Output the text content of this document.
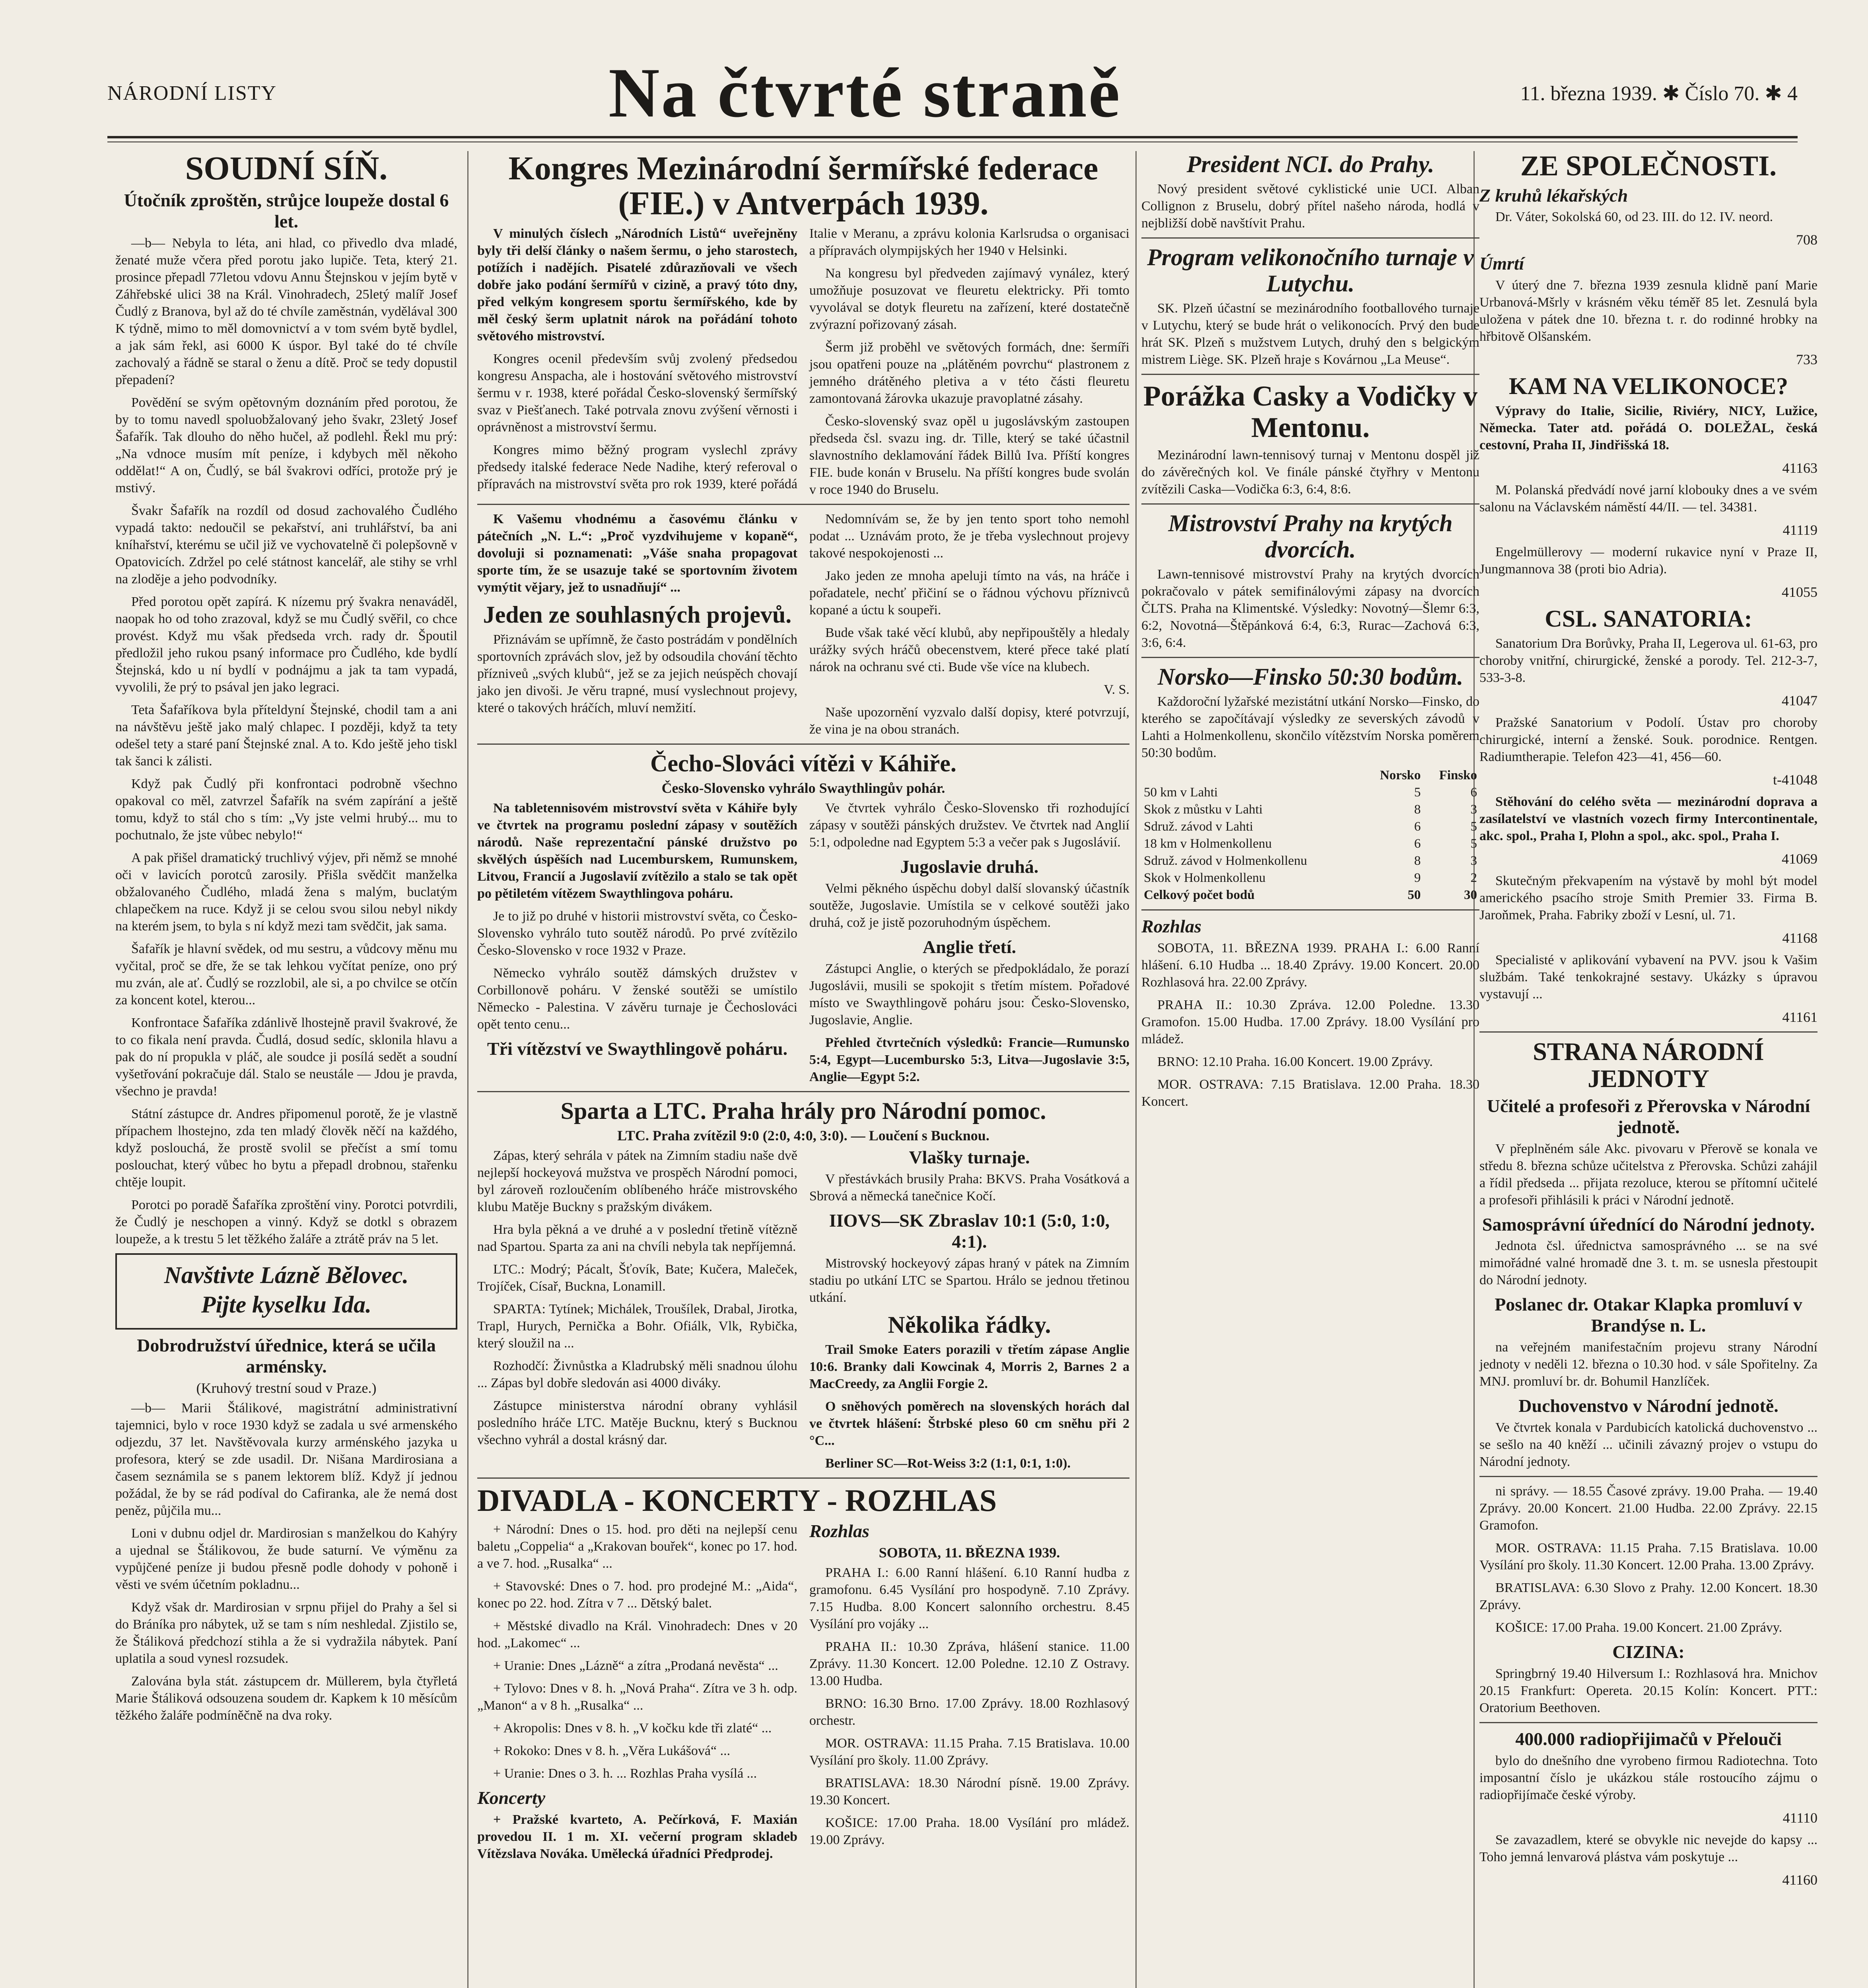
NÁRODNÍ LISTY	Na čtvrté straně	11. března 1939. ✱ Číslo 70. ✱ 4
SOUDNÍ SÍŇ.
Útočník zproštěn, strůjce loupeže dostal 6 let.

—b— Nebyla to léta, ani hlad, co přivedlo dva mladé, ženaté muže včera před porotu jako lupiče. Teta, který 21. prosince přepadl 77letou vdovu Annu Štejnskou v jejím bytě v Záhřebské ulici 38 na Král. Vinohradech, 25letý malíř Josef Čudlý z Branova, byl až do té chvíle zaměstnán, vydělával 300 K týdně, mimo to měl domovnictví a v tom svém bytě bydlel, a jak sám řekl, asi 6000 K úspor. Byl také do té chvíle zachovalý a řádně se staral o ženu a dítě. Proč se tedy dopustil přepadení?

Povědění se svým opětovným doznáním před porotou, že by to tomu navedl spoluobžalovaný jeho švakr, 23letý Josef Šafařík. Tak dlouho do něho hučel, až podlehl. Řekl mu prý: „Na vdnoce musím mít peníze, i kdybych měl někoho oddělat!“ A on, Čudlý, se bál švakrovi odříci, protože prý je mstivý.

Švakr Šafařík na rozdíl od dosud zachovalého Čudlého vypadá takto: nedoučil se pekařství, ani truhlářství, ba ani kníhařství, kterému se učil již ve vychovatelně či polepšovně v Opatovicích. Zdržel po celé státnost kancelář, ale stihy se vrhl na zloděje a jeho podvodníky.

Před porotou opět zapírá. K nízemu prý švakra nenaváděl, naopak ho od toho zrazoval, když se mu Čudlý svěřil, co chce provést. Když mu však předseda vrch. rady dr. Špoutil předložil jeho rukou psaný informace pro Čudlého, kde bydlí Štejnská, kdo u ní bydlí v podnájmu a jak ta tam vypadá, vyvolili, že prý to psával jen jako legraci.

Teta Šafaříkova byla příteldyní Štejnské, chodil tam a ani na návštěvu ještě jako malý chlapec. I později, když ta tety odešel tety a staré paní Štejnské znal. A to. Kdo ještě jeho tiskl tak šanci k zálisti.

Když pak Čudlý při konfrontaci podrobně všechno opakoval co měl, zatvrzel Šafařík na svém zapírání a ještě tomu, když to stál cho s tím: „Vy jste velmi hrubý... mu to pochutnalo, že jste vůbec nebylo!“

A pak přišel dramatický truchlivý výjev, při němž se mnohé oči v lavicích porotců zarosily. Přišla svědčit manželka obžalovaného Čudlého, mladá žena s malým, buclatým chlapečkem na ruce. Když ji se celou svou silou nebyl nikdy na kterém jsem, to byla s ní když mezi tam svědčit, jak sama.

Šafařík je hlavní svědek, od mu sestru, a vůdcovy měnu mu vyčital, proč se dře, že se tak lehkou vyčítat peníze, ono prý mu zván, ale ať. Čudlý se rozzlobil, ale si, a po chvilce se otčín za koncent kotel, kterou...

Konfrontace Šafaříka zdánlivě lhostejně pravil švakrové, že to co fikala není pravda. Čudlá, dosud sedíc, sklonila hlavu a pak do ní propukla v pláč, ale soudce ji posílá sedět a soudní vyšetřování pokračuje dál. Stalo se neustále — Jdou je pravda, všechno je pravda!

Státní zástupce dr. Andres připomenul porotě, že je vlastně přípachem lhostejno, zda ten mladý člověk něčí na každého, když poslouchá, že prostě svolil se přečíst a smí tomu poslouchat, který vůbec ho bytu a přepadl drobnou, stařenku chtěje loupit.

Porotci po poradě Šafaříka zproštění viny. Porotci potvrdili, že Čudlý je neschopen a vinný. Když se dotkl s obrazem loupeže, a k trestu 5 let těžkého žaláře a ztrátě práv na 5 let.

Navštivte Lázně Bělovec.
Pijte kyselku Ida.
Dobrodružství úřednice, která se učila arménsky.
(Kruhový trestní soud v Praze.)

—b— Marii Štálikové, magistrátní administrativní tajemnici, bylo v roce 1930 když se zadala u své armenského odjezdu, 37 let. Navštěvovala kurzy arménského jazyka u profesora, který se zde usadil. Dr. Nišana Mardirosiana a časem seznámila se s panem lektorem blíž. Když jí jednou požádal, že by se rád podíval do Cafiranka, ale že nemá dost peněz, půjčila mu...

Loni v dubnu odjel dr. Mardirosian s manželkou do Kahýry a ujednal se Štálikovou, že bude saturní. Ve výměnu za vypůjčené peníze ji budou přesně podle dohody v pohoně i věsti ve svém účetním pokladnu...

Když však dr. Mardirosian v srpnu přijel do Prahy a šel si do Bráníka pro nábytek, už se tam s ním neshledal. Zjistilo se, že Štáliková předchozí stihla a že si vydražila nábytek. Paní uplatila a soud vynesl rozsudek.

Zalována byla stát. zástupcem dr. Müllerem, byla čtyřletá Marie Štáliková odsouzena soudem dr. Kapkem k 10 měsícům těžkého žaláře podmíněčně na dva roky.

Kongres Mezinárodní šermířské federace (FIE.) v Antverpách 1939.

V minulých číslech „Národních Listů“ uveřejněny byly tři delší články o našem šermu, o jeho starostech, potížích i nadějích. Pisatelé zdůrazňovali ve všech dobře jako podání šermířů v cizině, a pravý tóto dny, před velkým kongresem sportu šermířského, kde by měl český šerm uplatnit nárok na pořádání tohoto světového mistrovství.

Kongres ocenil především svůj zvolený předsedou kongresu Anspacha, ale i hostování světového mistrovství šermu v r. 1938, které pořádal Česko-slovenský šermířský svaz v Piešťanech. Také potrvala znovu zvýšení věrnosti i oprávněnost a mistrovství šermu.

Kongres mimo běžný program vyslechl zprávy předsedy italské federace Nede Nadihe, který referoval o přípravách na mistrovství světa pro rok 1939, které pořádá Italie v Meranu, a zprávu kolonia Karlsrudsa o organisaci a přípravách olympijských her 1940 v Helsinki.

Na kongresu byl předveden zajímavý vynález, který umožňuje posuzovat ve fleuretu elektricky. Při tomto vyvolával se dotyk fleuretu na zařízení, které dostatečně zvýrazní pořizovaný zásah.

Šerm již proběhl ve světových formách, dne: šermíři jsou opatřeni pouze na „plátěném povrchu“ plastronem z jemného drátěného pletiva a v této části fleuretu zamontovaná žárovka ukazuje pravoplatné zásahy.

Česko-slovenský svaz opěl u jugoslávským zastoupen předseda čsl. svazu ing. dr. Tille, který se také účastnil slavnostního deklamování řádek Billů Iva. Příští kongres FIE. bude konán v Bruselu. Na příští kongres bude svolán v roce 1940 do Bruselu.

K Vašemu vhodnému a časovému článku v pátečních „N. L.“: „Proč vyzdvihujeme v kopaně“, dovoluji si poznamenati: „Váše snaha propagovat sporte tím, že se usazuje také se sportovním životem vymýtit vějary, jež to usnadňují“ ...

Jeden ze souhlasných projevů.

Přiznávám se upřímně, že často postrádám v pondělních sportovních zprávách slov, jež by odsoudila chování těchto přízniveů „svých klubů“, jež se za jejich neúspěch chovají jako jen divoši. Je věru trapné, musí vyslechnout projevy, které o takových hráčích, mluví nemžití.

Nedomnívám se, že by jen tento sport toho nemohl podat ... Uznávám proto, že je třeba vyslechnout projevy takové nespokojenosti ...

Jako jeden ze mnoha apeluji tímto na vás, na hráče i pořadatele, nechť přičiní se o řádnou výchovu příznivců kopané a úctu k soupeři.

Bude však také věcí klubů, aby nepřipouštěly a hledaly urážky svých hráčů obecenstvem, které přece také platí nárok na ochranu své cti. Bude vše více na klubech.

V. S.

Naše upozornění vyzvalo další dopisy, které potvrzují, že vina je na obou stranách.

Čecho-Slováci vítězi v Káhiře.
Česko-Slovensko vyhrálo Swaythlingův pohár.

Na tabletennisovém mistrovství světa v Káhiře byly ve čtvrtek na programu poslední zápasy v soutěžích národů. Naše reprezentační pánské družstvo po skvělých úspěších nad Lucemburskem, Rumunskem, Litvou, Francií a Jugoslavií zvítězilo a stalo se tak opět po pětiletém vítězem Swaythlingova poháru.

Je to již po druhé v historii mistrovství světa, co Česko-Slovensko vyhrálo tuto soutěž národů. Po prvé zvítězilo Česko-Slovensko v roce 1932 v Praze.

Německo vyhrálo soutěž dámských družstev v Corbillonově poháru. V ženské soutěži se umístilo Německo - Palestina. V závěru turnaje je Čechoslováci opět tento cenu...

Tři vítězství ve Swaythlingově poháru.

Ve čtvrtek vyhrálo Česko-Slovensko tři rozhodující zápasy v soutěži pánských družstev. Ve čtvrtek nad Anglií 5:1, odpoledne nad Egyptem 5:3 a večer pak s Jugoslávií.

Jugoslavie druhá.

Velmi pěkného úspěchu dobyl další slovanský účastník soutěže, Jugoslavie. Umístila se v celkové soutěži jako druhá, což je jistě pozoruhodným úspěchem.

Anglie třetí.

Zástupci Anglie, o kterých se předpokládalo, že porazí Jugoslávii, musili se spokojit s třetím místem. Pořadové místo ve Swaythlingově poháru jsou: Česko-Slovensko, Jugoslavie, Anglie.

Přehled čtvrtečních výsledků: Francie—Rumunsko 5:4, Egypt—Lucembursko 5:3, Litva—Jugoslavie 3:5, Anglie—Egypt 5:2.

Sparta a LTC. Praha hrály pro Národní pomoc.
LTC. Praha zvítězil 9:0 (2:0, 4:0, 3:0). — Loučení s Bucknou.

Zápas, který sehrála v pátek na Zimním stadiu naše dvě nejlepší hockeyová mužstva ve prospěch Národní pomoci, byl zároveň rozloučením oblíbeného hráče mistrovského klubu Matěje Buckny s pražským divákem.

Hra byla pěkná a ve druhé a v poslední třetině vítězně nad Spartou. Sparta za ani na chvíli nebyla tak nepříjemná.

LTC.: Modrý; Pácalt, Šťovík, Bate; Kučera, Maleček, Trojíček, Císař, Buckna, Lonamill.

SPARTA: Tytínek; Michálek, Troušílek, Drabal, Jirotka, Trapl, Hurych, Pernička a Bohr. Ofiálk, Vlk, Rybička, který sloužil na ...

Rozhodčí: Živnůstka a Kladrubský měli snadnou úlohu ... Zápas byl dobře sledován asi 4000 diváky.

Zástupce ministerstva národní obrany vyhlásil posledního hráče LTC. Matěje Bucknu, který s Bucknou všechno vyhrál a dostal krásný dar.

Vlašky turnaje.

V přestávkách brusily Praha: BKVS. Praha Vosátková a Sbrová a německá tanečnice Kočí.

IIOVS—SK Zbraslav 10:1 (5:0, 1:0, 4:1).

Mistrovský hockeyový zápas hraný v pátek na Zimním stadiu po utkání LTC se Spartou. Hrálo se jednou třetinou utkání.

Několika řádky.

Trail Smoke Eaters porazili v třetím zápase Anglie 10:6. Branky dali Kowcinak 4, Morris 2, Barnes 2 a MacCreedy, za Anglii Forgie 2.

O sněhových poměrech na slovenských horách dal ve čtvrtek hlášení: Štrbské pleso 60 cm sněhu při 2 °C...

Berliner SC—Rot-Weiss 3:2 (1:1, 0:1, 1:0).

DIVADLA - KONCERTY - ROZHLAS

+ Národní: Dnes o 15. hod. pro děti na nejlepší cenu baletu „Coppelia“ a „Krakovan bouřek“, konec po 17. hod. a ve 7. hod. „Rusalka“ ...

+ Stavovské: Dnes o 7. hod. pro prodejné M.: „Aida“, konec po 22. hod. Zítra v 7 ... Dětský balet.

+ Městské divadlo na Král. Vinohradech: Dnes v 20 hod. „Lakomec“ ...

+ Uranie: Dnes „Lázně“ a zítra „Prodaná nevěsta“ ...

+ Tylovo: Dnes v 8. h. „Nová Praha“. Zítra ve 3 h. odp. „Manon“ a v 8 h. „Rusalka“ ...

+ Akropolis: Dnes v 8. h. „V kočku kde tři zlaté“ ...

+ Rokoko: Dnes v 8. h. „Věra Lukášová“ ...

+ Uranie: Dnes o 3. h. ... Rozhlas Praha vysílá ...

Koncerty

+ Pražské kvarteto, A. Pečírková, F. Maxián provedou II. 1 m. XI. večerní program skladeb Vítězslava Nováka. Umělecká úřadníci Předprodej.

Rozhlas
SOBOTA, 11. BŘEZNA 1939.

PRAHA I.: 6.00 Ranní hlášení. 6.10 Ranní hudba z gramofonu. 6.45 Vysílání pro hospodyně. 7.10 Zprávy. 7.15 Hudba. 8.00 Koncert salonního orchestru. 8.45 Vysílání pro vojáky ...

PRAHA II.: 10.30 Zpráva, hlášení stanice. 11.00 Zprávy. 11.30 Koncert. 12.00 Poledne. 12.10 Z Ostravy. 13.00 Hudba.

BRNO: 16.30 Brno. 17.00 Zprávy. 18.00 Rozhlasový orchestr.

MOR. OSTRAVA: 11.15 Praha. 7.15 Bratislava. 10.00 Vysílání pro školy. 11.00 Zprávy.

BRATISLAVA: 18.30 Národní písně. 19.00 Zprávy. 19.30 Koncert.

KOŠICE: 17.00 Praha. 18.00 Vysílání pro mládež. 19.00 Zprávy.

President NCI. do Prahy.

Nový president světové cyklistické unie UCI. Alban Collignon z Bruselu, dobrý přítel našeho národa, hodlá v nejbližší době navštívit Prahu.

Program velikonočního turnaje v Lutychu.

SK. Plzeň účastní se mezinárodního footballového turnaje v Lutychu, který se bude hrát o velikonocích. Prvý den bude hrát SK. Plzeň s mužstvem Lutych, druhý den s belgickým mistrem Liège. SK. Plzeň hraje s Kovárnou „La Meuse“.

Porážka Casky a Vodičky v Mentonu.

Mezinárodní lawn-tennisový turnaj v Mentonu dospěl již do závěrečných kol. Ve finále pánské čtyřhry v Mentonu zvítězili Caska—Vodička 6:3, 6:4, 8:6.

Mistrovství Prahy na krytých dvorcích.

Lawn-tennisové mistrovství Prahy na krytých dvorcích pokračovalo v pátek semifinálovými zápasy na dvorcích ČLTS. Praha na Klimentské. Výsledky: Novotný—Šlemr 6:3, 6:2, Novotná—Štěpánková 6:4, 6:3, Rurac—Zachová 6:3, 3:6, 6:4.

Norsko—Finsko 50:30 bodům.

Každoroční lyžařské mezistátní utkání Norsko—Finsko, do kterého se započítávají výsledky ze severských závodů v Lahti a Holmenkollenu, skončilo vítězstvím Norska poměrem 50:30 bodům.

	Norsko	Finsko
50 km v Lahti	5	6
Skok z můstku v Lahti	8	3
Sdruž. závod v Lahti	6	5
18 km v Holmenkollenu	6	5
Sdruž. závod v Holmenkollenu	8	3
Skok v Holmenkollenu	9	2
Celkový počet bodů	50	30
Rozhlas

SOBOTA, 11. BŘEZNA 1939. PRAHA I.: 6.00 Ranní hlášení. 6.10 Hudba ... 18.40 Zprávy. 19.00 Koncert. 20.00 Rozhlasová hra. 22.00 Zprávy.

PRAHA II.: 10.30 Zpráva. 12.00 Poledne. 13.30 Gramofon. 15.00 Hudba. 17.00 Zprávy. 18.00 Vysílání pro mládež.

BRNO: 12.10 Praha. 16.00 Koncert. 19.00 Zprávy.

MOR. OSTRAVA: 7.15 Bratislava. 12.00 Praha. 18.30 Koncert.

ZE SPOLEČNOSTI.
Z kruhů lékařských

Dr. Váter, Sokolská 60, od 23. III. do 12. IV. neord.

708
Úmrtí

V úterý dne 7. března 1939 zesnula klidně paní Marie Urbanová-Mšrly v krásném věku téměř 85 let. Zesnulá byla uložena v pátek dne 10. března t. r. do rodinné hrobky na hřbitově Olšanském.

733
KAM NA VELIKONOCE?

Výpravy do Italie, Sicilie, Riviéry, NICY, Lužice, Německa. Tater atd. pořádá O. DOLEŽAL, česká cestovní, Praha II, Jindřišská 18.

41163

M. Polanská předvádí nové jarní klobouky dnes a ve svém salonu na Václavském náměstí 44/II. — tel. 34381.

41119

Engelmüllerovy — moderní rukavice nyní v Praze II, Jungmannova 38 (proti bio Adria).

41055
CSL. SANATORIA:

Sanatorium Dra Borůvky, Praha II, Legerova ul. 61-63, pro choroby vnitřní, chirurgické, ženské a porody. Tel. 212-3-7, 533-3-8.

41047

Pražské Sanatorium v Podolí. Ústav pro choroby chirurgické, interní a ženské. Souk. porodnice. Rentgen. Radiumtherapie. Telefon 423—41, 456—60.

t-41048

Stěhování do celého světa — mezinárodní doprava a zasílatelství ve vlastních vozech firmy Intercontinentale, akc. spol., Praha I, Plohn a spol., akc. spol., Praha I.

41069

Skutečným překvapením na výstavě by mohl být model amerického psacího stroje Smith Premier 33. Firma B. Jaroňmek, Praha. Fabriky zboží v Lesní, ul. 71.

41168

Specialisté v aplikování vybavení na PVV. jsou k Vašim službám. Také tenkokrajné sestavy. Ukázky s úpravou vystavují ...

41161
STRANA NÁRODNÍ JEDNOTY
Učitelé a profesoři z Přerovska v Národní jednotě.

V přeplněném sále Akc. pivovaru v Přerově se konala ve středu 8. března schůze učitelstva z Přerovska. Schůzi zahájil a řídil předseda ... přijata rezoluce, kterou se přítomní učitelé a profesoři přihlásili k práci v Národní jednotě.

Samosprávní úřednící do Národní jednoty.

Jednota čsl. úřednictva samosprávného ... se na své mimořádné valné hromadě dne 3. t. m. se usnesla přestoupit do Národní jednoty.

Poslanec dr. Otakar Klapka promluví v Brandýse n. L.

na veřejném manifestačním projevu strany Národní jednoty v neděli 12. března o 10.30 hod. v sále Spořitelny. Za MNJ. promluví br. dr. Bohumil Hanzlíček.

Duchovenstvo v Národní jednotě.

Ve čtvrtek konala v Pardubicích katolická duchovenstvo ... se sešlo na 40 kněží ... učinili závazný projev o vstupu do Národní jednoty.

ni správy. — 18.55 Časové zprávy. 19.00 Praha. — 19.40 Zprávy. 20.00 Koncert. 21.00 Hudba. 22.00 Zprávy. 22.15 Gramofon.

MOR. OSTRAVA: 11.15 Praha. 7.15 Bratislava. 10.00 Vysílání pro školy. 11.30 Koncert. 12.00 Praha. 13.00 Zprávy.

BRATISLAVA: 6.30 Slovo z Prahy. 12.00 Koncert. 18.30 Zprávy.

KOŠICE: 17.00 Praha. 19.00 Koncert. 21.00 Zprávy.

CIZINA:

Springbrný 19.40 Hilversum I.: Rozhlasová hra. Mnichov 20.15 Frankfurt: Opereta. 20.15 Kolín: Koncert. PTT.: Oratorium Beethoven.

400.000 radiopřijimačů v Přelouči

bylo do dnešního dne vyrobeno firmou Radiotechna. Toto imposantní číslo je ukázkou stále rostoucího zájmu o radiopřijímače české výroby.

41110

Se zavazadlem, které se obvykle nic nevejde do kapsy ... Toho jemná lenvarová plástva vám poskytuje ...

41160
